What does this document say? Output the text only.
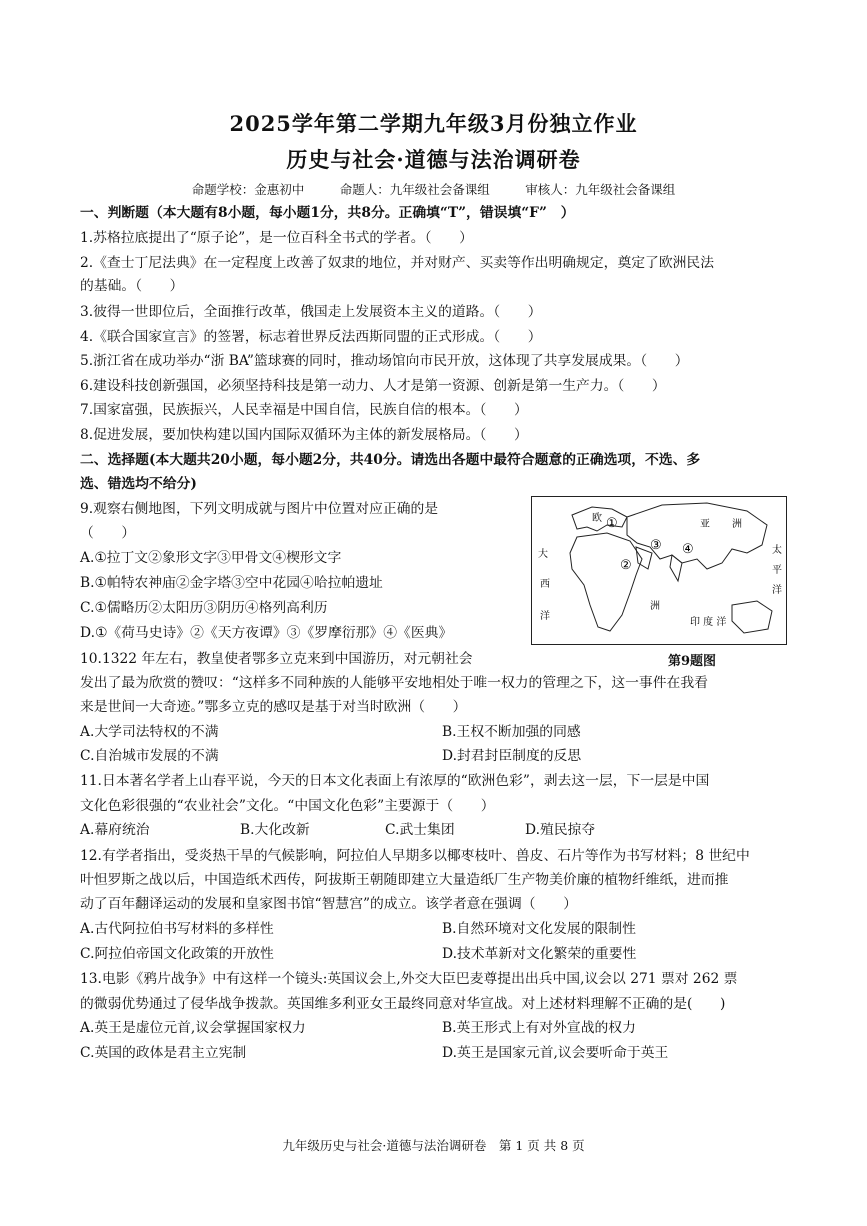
2025学年第二学期九年级3月份独立作业
历史与社会·道德与法治调研卷
命题学校：金惠初中	命题人：九年级社会备课组	审核人：九年级社会备课组
一、判断题（本大题有8小题，每小题1分，共8分。正确填“T”，错误填“F”　）
1.苏格拉底提出了“原子论”，是一位百科全书式的学者。（　　）
2.《查士丁尼法典》在一定程度上改善了奴隶的地位，并对财产、买卖等作出明确规定，奠定了欧洲民法
的基础。（　　）
3.彼得一世即位后，全面推行改革，俄国走上发展资本主义的道路。（　　）
4.《联合国家宣言》的签署，标志着世界反法西斯同盟的正式形成。（　　）
5.浙江省在成功举办“浙 BA”篮球赛的同时，推动场馆向市民开放，这体现了共享发展成果。（　　）
6.建设科技创新强国，必须坚持科技是第一动力、人才是第一资源、创新是第一生产力。（　　）
7.国家富强，民族振兴，人民幸福是中国自信，民族自信的根本。（　　）
8.促进发展，要加快构建以国内国际双循环为主体的新发展格局。（　　）
二、选择题(本大题共20小题，每小题2分，共40分。请选出各题中最符合题意的正确选项，不选、多
选、错选均不给分)
9.观察右侧地图，下列文明成就与图片中位置对应正确的是
（　　）
A.①拉丁文②象形文字③甲骨文④楔形文字
B.①帕特农神庙②金字塔③空中花园④哈拉帕遗址
C.①儒略历②太阳历③阴历④格列高利历
D.①《荷马史诗》②《天方夜谭》③《罗摩衍那》④《医典》
欧
亚 洲
大
西
洋
太
平
洋
洲
印 度 洋
①
②
③ ④
10.1322 年左右，教皇使者鄂多立克来到中国游历，对元朝社会	第9题图
发出了最为欣赏的赞叹：“这样多不同种族的人能够平安地相处于唯一权力的管理之下，这一事件在我看
来是世间一大奇迹。”鄂多立克的感叹是基于对当时欧洲（　　）
A.大学司法特权的不满	B.王权不断加强的同感
C.自治城市发展的不满	D.封君封臣制度的反思
11.日本著名学者上山春平说，今天的日本文化表面上有浓厚的“欧洲色彩”，剥去这一层，下一层是中国
文化色彩很强的“农业社会”文化。“中国文化色彩”主要源于（　　）
A.幕府统治	B.大化改新	C.武士集团	D.殖民掠夺
12.有学者指出，受炎热干旱的气候影响，阿拉伯人早期多以椰枣枝叶、兽皮、石片等作为书写材料；8 世纪中
叶怛罗斯之战以后，中国造纸术西传，阿拔斯王朝随即建立大量造纸厂生产物美价廉的植物纤维纸，进而推
动了百年翻译运动的发展和皇家图书馆“智慧宫”的成立。该学者意在强调（　　）
A.古代阿拉伯书写材料的多样性	B.自然环境对文化发展的限制性
C.阿拉伯帝国文化政策的开放性	D.技术革新对文化繁荣的重要性
13.电影《鸦片战争》中有这样一个镜头:英国议会上,外交大臣巴麦尊提出出兵中国,议会以 271 票对 262 票
的微弱优势通过了侵华战争拨款。英国维多利亚女王最终同意对华宣战。对上述材料理解不正确的是(　　)
A.英王是虚位元首,议会掌握国家权力	B.英王形式上有对外宣战的权力
C.英国的政体是君主立宪制	D.英王是国家元首,议会要听命于英王
九年级历史与社会·道德与法治调研卷　第 1 页 共 8 页
